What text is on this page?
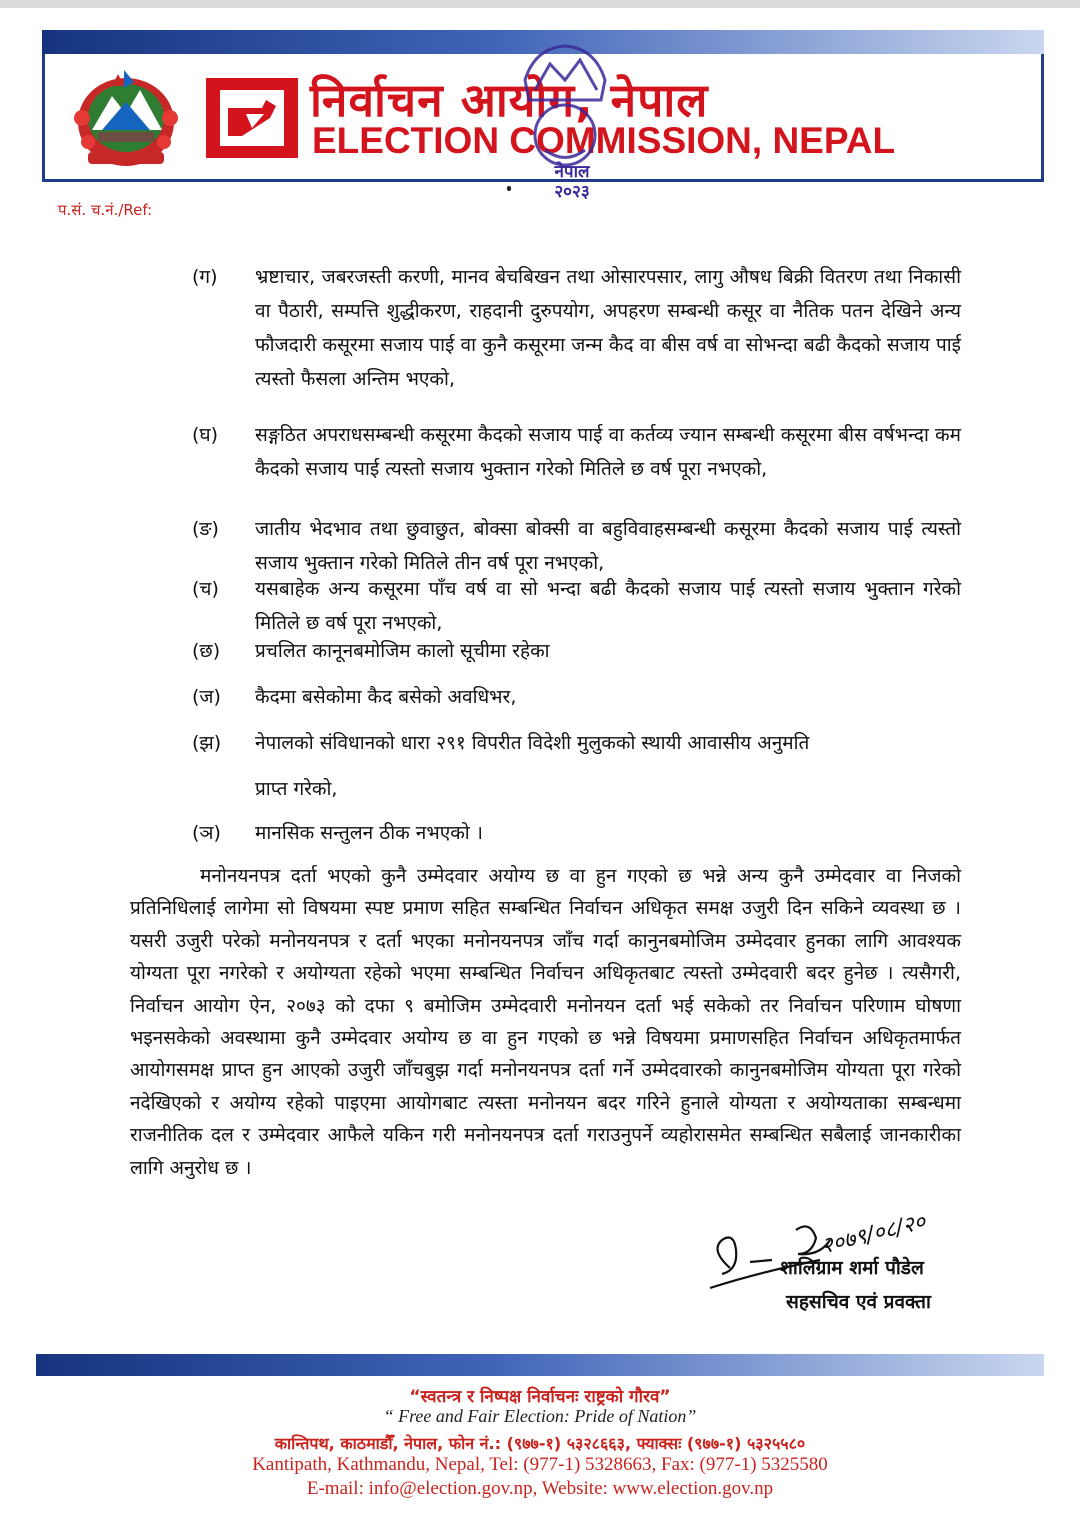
निर्वाचन आयोग, नेपाल
ELECTION COMMISSION, NEPAL
नेपाल
२०२३
प.सं. च.नं./Ref:
(ग) भ्रष्टाचार, जबरजस्ती करणी, मानव बेचबिखन तथा ओसारपसार, लागु औषध बिक्री वितरण तथा निकासी वा पैठारी, सम्पत्ति शुद्धीकरण, राहदानी दुरुपयोग, अपहरण सम्बन्धी कसूर वा नैतिक पतन देखिने अन्य फौजदारी कसूरमा सजाय पाई वा कुनै कसूरमा जन्म कैद वा बीस वर्ष वा सोभन्दा बढी कैदको सजाय पाई त्यस्तो फैसला अन्तिम भएको,
(घ) सङ्गठित अपराधसम्बन्धी कसूरमा कैदको सजाय पाई वा कर्तव्य ज्यान सम्बन्धी कसूरमा बीस वर्षभन्दा कम कैदको सजाय पाई त्यस्तो सजाय भुक्तान गरेको मितिले छ वर्ष पूरा नभएको,
(ङ) जातीय भेदभाव तथा छुवाछुत, बोक्सा बोक्सी वा बहुविवाहसम्बन्धी कसूरमा कैदको सजाय पाई त्यस्तो सजाय भुक्तान गरेको मितिले तीन वर्ष पूरा नभएको,
(च) यसबाहेक अन्य कसूरमा पाँच वर्ष वा सो भन्दा बढी कैदको सजाय पाई त्यस्तो सजाय भुक्तान गरेको मितिले छ वर्ष पूरा नभएको,
(छ) प्रचलित कानूनबमोजिम कालो सूचीमा रहेका
(ज) कैदमा बसेकोमा कैद बसेको अवधिभर,
(झ) नेपालको संविधानको धारा २९१ विपरीत विदेशी मुलुकको स्थायी आवासीय अनुमति
प्राप्त गरेको,
(ञ) मानसिक सन्तुलन ठीक नभएको ।
मनोनयनपत्र दर्ता भएको कुनै उम्मेदवार अयोग्य छ वा हुन गएको छ भन्ने अन्य कुनै उम्मेदवार वा निजको प्रतिनिधिलाई लागेमा सो विषयमा स्पष्ट प्रमाण सहित सम्बन्धित निर्वाचन अधिकृत समक्ष उजुरी दिन सकिने व्यवस्था छ । यसरी उजुरी परेको मनोनयनपत्र र दर्ता भएका मनोनयनपत्र जाँच गर्दा कानुनबमोजिम उम्मेदवार हुनका लागि आवश्यक योग्यता पूरा नगरेको र अयोग्यता रहेको भएमा सम्बन्धित निर्वाचन अधिकृतबाट त्यस्तो उम्मेदवारी बदर हुनेछ । त्यसैगरी, निर्वाचन आयोग ऐन, २०७३ को दफा ९ बमोजिम उम्मेदवारी मनोनयन दर्ता भई सकेको तर निर्वाचन परिणाम घोषणा भइनसकेको अवस्थामा कुनै उम्मेदवार अयोग्य छ वा हुन गएको छ भन्ने विषयमा प्रमाणसहित निर्वाचन अधिकृतमार्फत आयोगसमक्ष प्राप्त हुन आएको उजुरी जाँचबुझ गर्दा मनोनयनपत्र दर्ता गर्ने उम्मेदवारको कानुनबमोजिम योग्यता पूरा गरेको नदेखिएको र अयोग्य रहेको पाइएमा आयोगबाट त्यस्ता मनोनयन बदर गरिने हुनाले योग्यता र अयोग्यताका सम्बन्धमा राजनीतिक दल र उम्मेदवार आफैले यकिन गरी मनोनयनपत्र दर्ता गराउनुपर्ने व्यहोरासमेत सम्बन्धित सबैलाई जानकारीका लागि अनुरोध छ ।
२०७९/०८/२०
शालिग्राम शर्मा पौडेल
सहसचिव एवं प्रवक्ता
“स्वतन्त्र र निष्पक्ष निर्वाचनः राष्ट्रको गौरव”
“ Free and Fair Election: Pride of Nation”
कान्तिपथ, काठमाडौँ, नेपाल, फोन नं.: (९७७-१) ५३२८६६३, फ्याक्सः (९७७-१) ५३२५५८०
Kantipath, Kathmandu, Nepal, Tel: (977-1) 5328663, Fax: (977-1) 5325580
E-mail: info@election.gov.np, Website: www.election.gov.np
